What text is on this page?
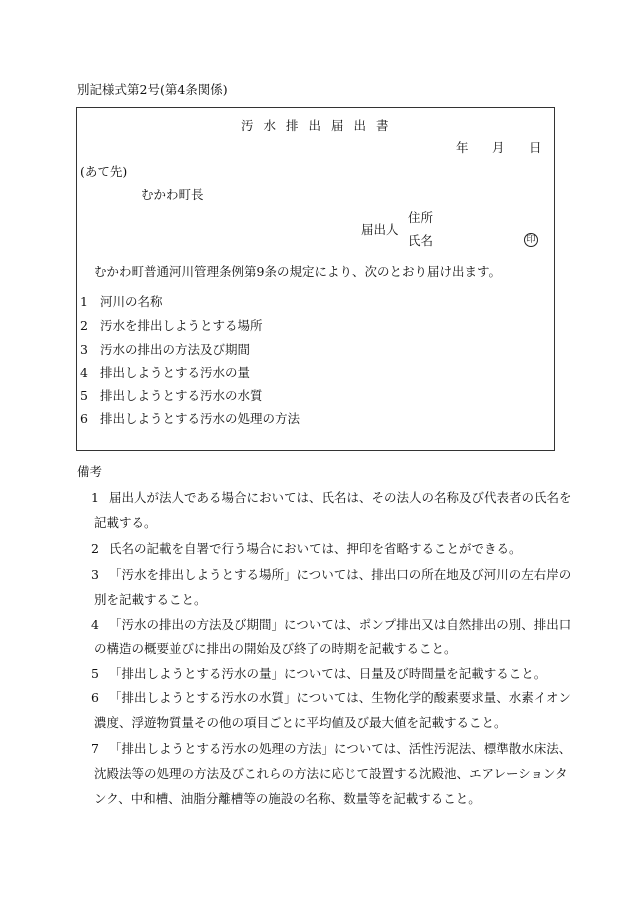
別記様式第2号(第4条関係)
汚水排出届出書
年 月 日
(あて先)
むかわ町長
届出人
住所
氏名	印
むかわ町普通河川管理条例第9条の規定により、次のとおり届け出ます。
1 河川の名称
2 汚水を排出しようとする場所
3 汚水の排出の方法及び期間
4 排出しようとする汚水の量
5 排出しようとする汚水の水質
6 排出しようとする汚水の処理の方法
備考
1 届出人が法人である場合においては、氏名は、その法人の名称及び代表者の氏名を
記載する。
2 氏名の記載を自署で行う場合においては、押印を省略することができる。
3 「汚水を排出しようとする場所」については、排出口の所在地及び河川の左右岸の
別を記載すること。
4 「汚水の排出の方法及び期間」については、ポンプ排出又は自然排出の別、排出口
の構造の概要並びに排出の開始及び終了の時期を記載すること。
5 「排出しようとする汚水の量」については、日量及び時間量を記載すること。
6 「排出しようとする汚水の水質」については、生物化学的酸素要求量、水素イオン
濃度、浮遊物質量その他の項目ごとに平均値及び最大値を記載すること。
7 「排出しようとする汚水の処理の方法」については、活性汚泥法、標準散水床法、
沈殿法等の処理の方法及びこれらの方法に応じて設置する沈殿池、エアレーションタ
ンク、中和槽、油脂分離槽等の施設の名称、数量等を記載すること。
